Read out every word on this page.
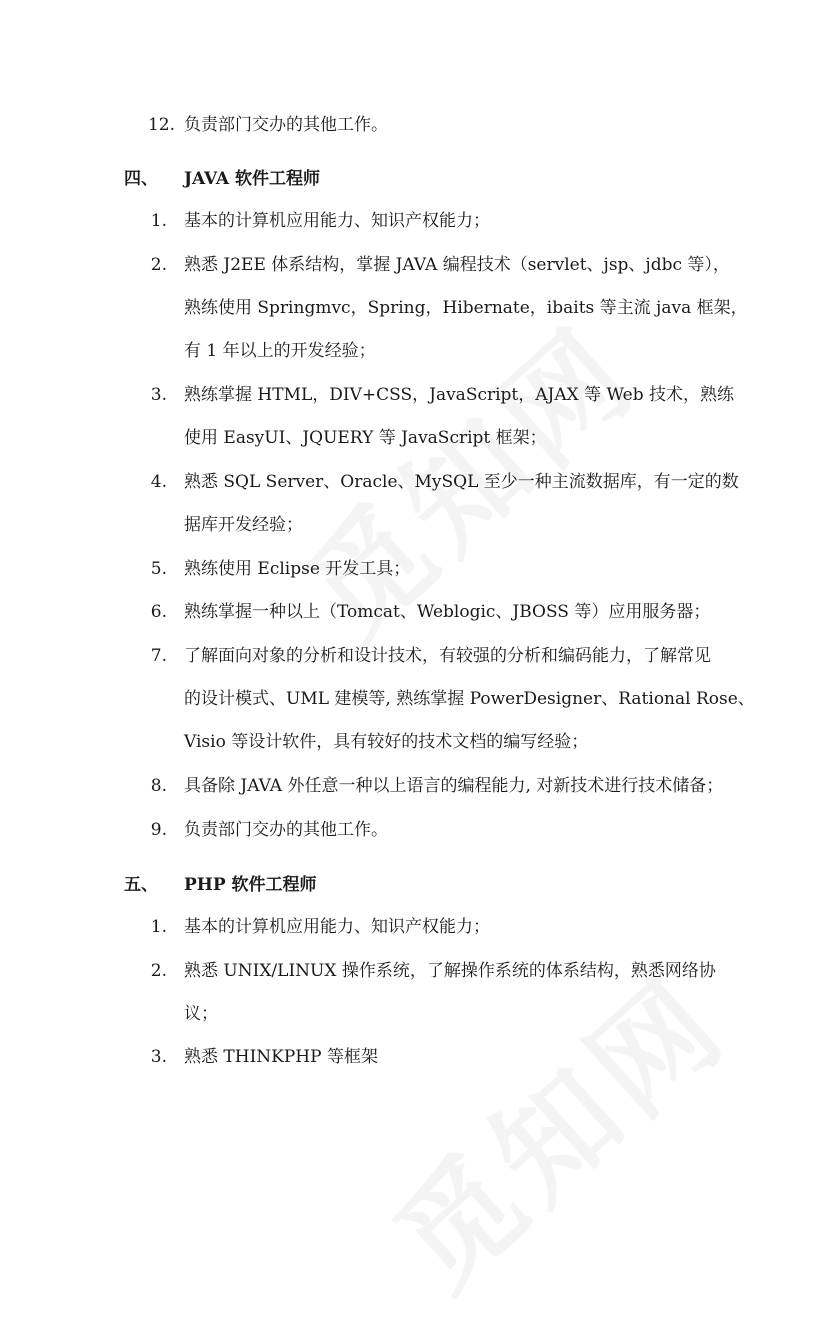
12. 负责部门交办的其他工作。
四、 JAVA 软件工程师
1. 基本的计算机应用能力、知识产权能力；
2. 熟悉 J2EE 体系结构，掌握 JAVA 编程技术（servlet、jsp、jdbc 等），
熟练使用 Springmvc，Spring，Hibernate，ibaits 等主流 java 框架，
有 1 年以上的开发经验；
3. 熟练掌握 HTML，DIV+CSS，JavaScript，AJAX 等 Web 技术，熟练
使用 EasyUI、JQUERY 等 JavaScript 框架；
4. 熟悉 SQL Server、Oracle、MySQL 至少一种主流数据库，有一定的数
据库开发经验；
5. 熟练使用 Eclipse 开发工具；
6. 熟练掌握一种以上（Tomcat、Weblogic、JBOSS 等）应用服务器；
7. 了解面向对象的分析和设计技术，有较强的分析和编码能力，了解常见
的设计模式、UML 建模等, 熟练掌握 PowerDesigner、Rational Rose、
Visio 等设计软件，具有较好的技术文档的编写经验；
8. 具备除 JAVA 外任意一种以上语言的编程能力, 对新技术进行技术储备；
9. 负责部门交办的其他工作。
五、 PHP 软件工程师
1. 基本的计算机应用能力、知识产权能力；
2. 熟悉 UNIX/LINUX 操作系统，了解操作系统的体系结构，熟悉网络协
议；
3. 熟悉 THINKPHP 等框架
